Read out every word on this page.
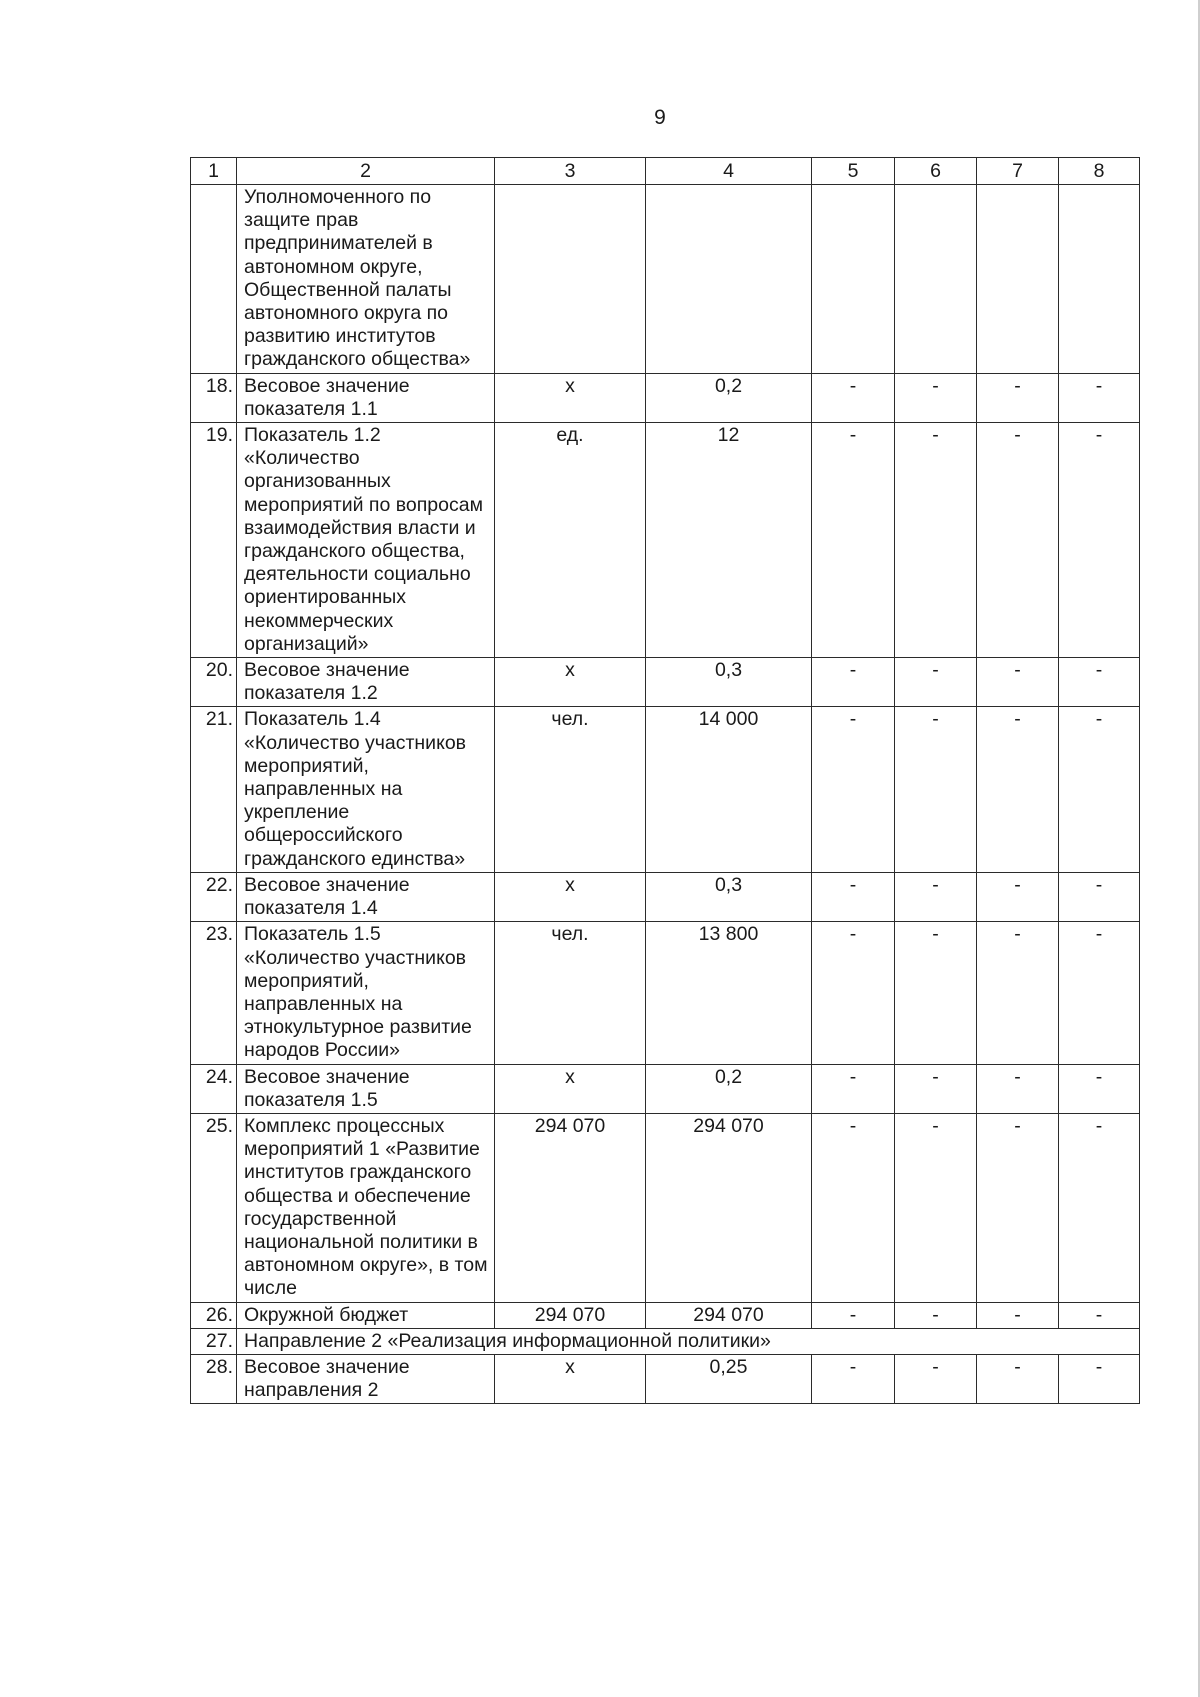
9
1	2	3	4	5	6	7	8
	Уполномоченного по защите прав предпринимателей в автономном округе, Общественной палаты автономного округа по развитию институтов гражданского общества»						
18.	Весовое значение показателя 1.1	х	0,2	-	-	-	-
19.	Показатель 1.2 «Количество организованных мероприятий по вопросам взаимодействия власти и гражданского общества, деятельности социально ориентированных некоммерческих организаций»	ед.	12	-	-	-	-
20.	Весовое значение показателя 1.2	х	0,3	-	-	-	-
21.	Показатель 1.4 «Количество участников мероприятий, направленных на укрепление общероссийского гражданского единства»	чел.	14 000	-	-	-	-
22.	Весовое значение показателя 1.4	х	0,3	-	-	-	-
23.	Показатель 1.5 «Количество участников мероприятий, направленных на этнокультурное развитие народов России»	чел.	13 800	-	-	-	-
24.	Весовое значение показателя 1.5	х	0,2	-	-	-	-
25.	Комплекс процессных мероприятий 1 «Развитие институтов гражданского общества и обеспечение государственной национальной политики в автономном округе», в том числе	294 070	294 070	-	-	-	-
26.	Окружной бюджет	294 070	294 070	-	-	-	-
27.	Направление 2 «Реализация информационной политики»						
28.	Весовое значение направления 2	х	0,25	-	-	-	-
